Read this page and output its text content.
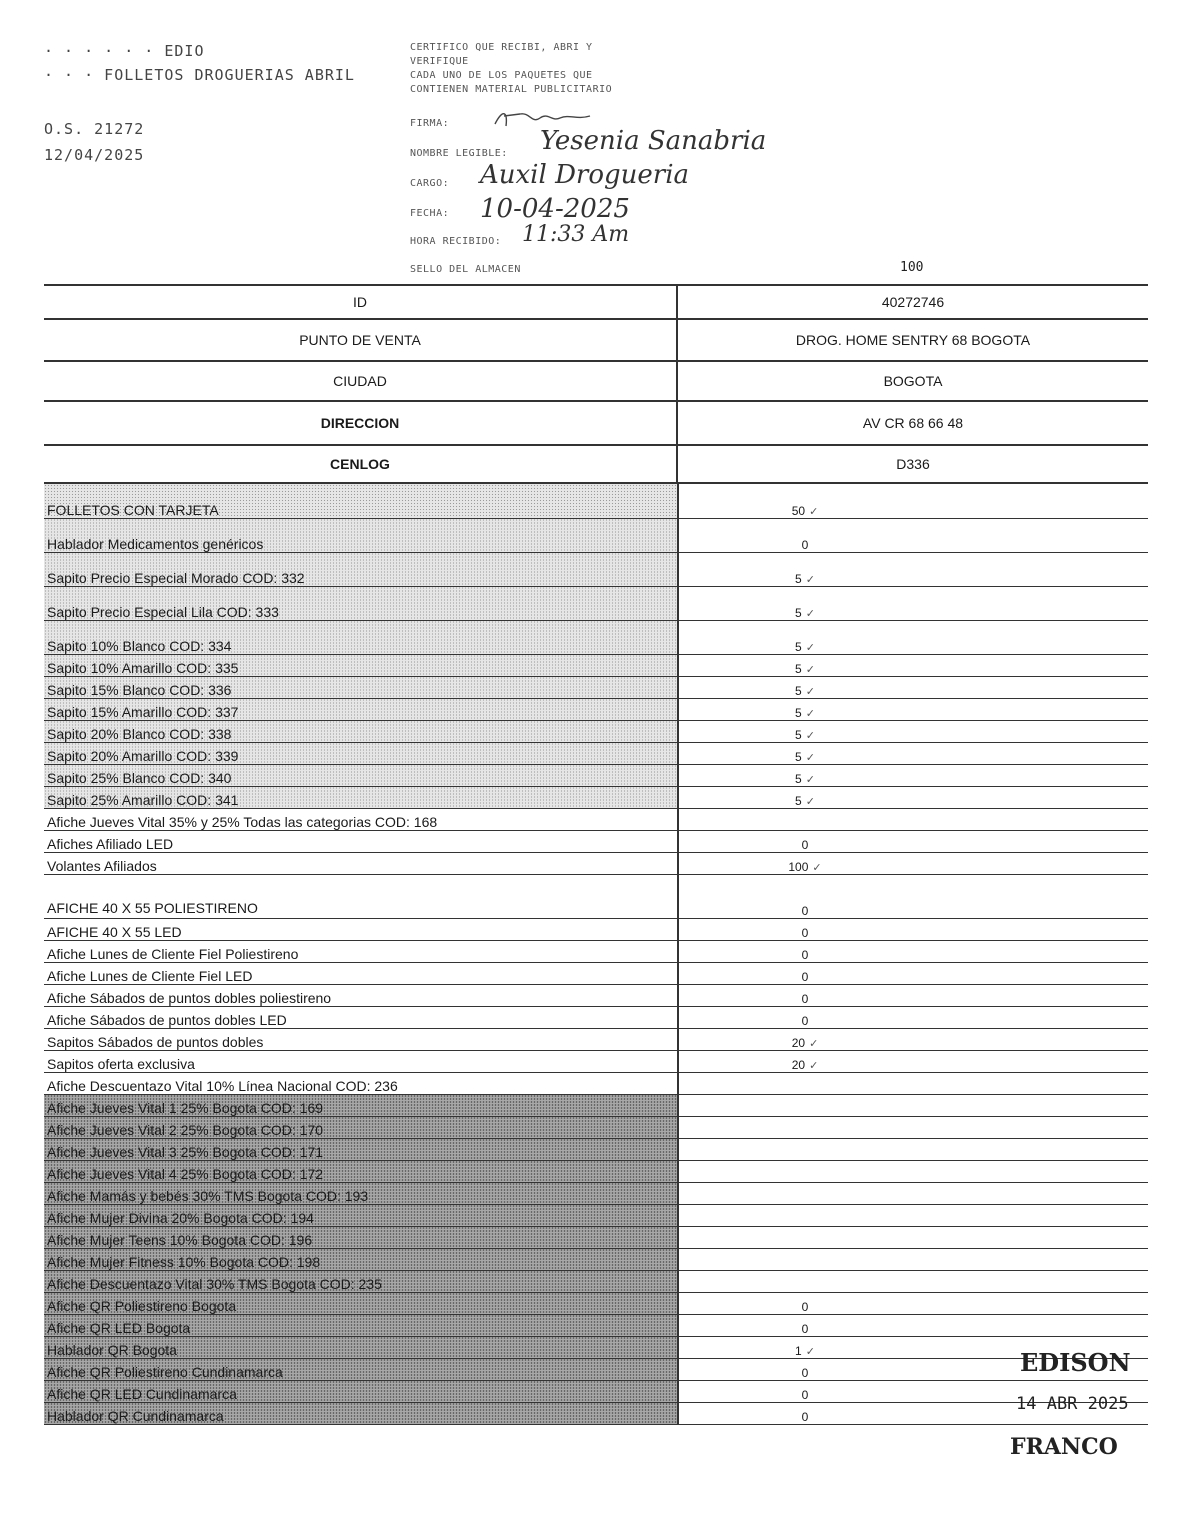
· · · · · · EDIO
· · · FOLLETOS DROGUERIAS ABRIL
O.S. 21272
12/04/2025
CERTIFICO QUE RECIBI, ABRI Y
VERIFIQUE
CADA UNO DE LOS PAQUETES QUE
CONTIENEN MATERIAL PUBLICITARIO
FIRMA:
NOMBRE LEGIBLE: Yesenia Sanabria
CARGO: Auxil Drogueria
FECHA: 10-04-2025
HORA RECIBIDO: 11:33 Am
SELLO DEL ALMACEN	100
ID	40272746
PUNTO DE VENTA	DROG. HOME SENTRY 68 BOGOTA
CIUDAD	BOGOTA
DIRECCION	AV CR 68 66 48
CENLOG	D336
FOLLETOS CON TARJETA	50 ✓
Hablador Medicamentos genéricos	0
Sapito Precio Especial Morado COD: 332	5 ✓
Sapito Precio Especial Lila COD: 333	5 ✓
Sapito 10% Blanco COD: 334	5 ✓
Sapito 10% Amarillo COD: 335	5 ✓
Sapito 15% Blanco COD: 336	5 ✓
Sapito 15% Amarillo COD: 337	5 ✓
Sapito 20% Blanco COD: 338	5 ✓
Sapito 20% Amarillo COD: 339	5 ✓
Sapito 25% Blanco COD: 340	5 ✓
Sapito 25% Amarillo COD: 341	5 ✓
Afiche Jueves Vital 35% y 25% Todas las categorias COD: 168	
Afiches Afiliado LED	0
Volantes Afiliados	100 ✓
AFICHE 40 X 55 POLIESTIRENO	0
AFICHE 40 X 55 LED	0
Afiche Lunes de Cliente Fiel Poliestireno	0
Afiche Lunes de Cliente Fiel LED	0
Afiche Sábados de puntos dobles poliestireno	0
Afiche Sábados de puntos dobles LED	0
Sapitos Sábados de puntos dobles	20 ✓
Sapitos oferta exclusiva	20 ✓
Afiche Descuentazo Vital 10% Línea Nacional COD: 236	
Afiche Jueves Vital 1 25% Bogota COD: 169	
Afiche Jueves Vital 2 25% Bogota COD: 170	
Afiche Jueves Vital 3 25% Bogota COD: 171	
Afiche Jueves Vital 4 25% Bogota COD: 172	
Afiche Mamás y bebés 30% TMS Bogota COD: 193	
Afiche Mujer Divina 20% Bogota COD: 194	
Afiche Mujer Teens 10% Bogota COD: 196	
Afiche Mujer Fitness 10% Bogota COD: 198	
Afiche Descuentazo Vital 30% TMS Bogota COD: 235	
Afiche QR Poliestireno Bogota	0
Afiche QR LED Bogota	0
Hablador QR Bogota	1 ✓
Afiche QR Poliestireno Cundinamarca	0
Afiche QR LED Cundinamarca	0
Hablador QR Cundinamarca	0
EDISON
14 ABR 2025
FRANCO
